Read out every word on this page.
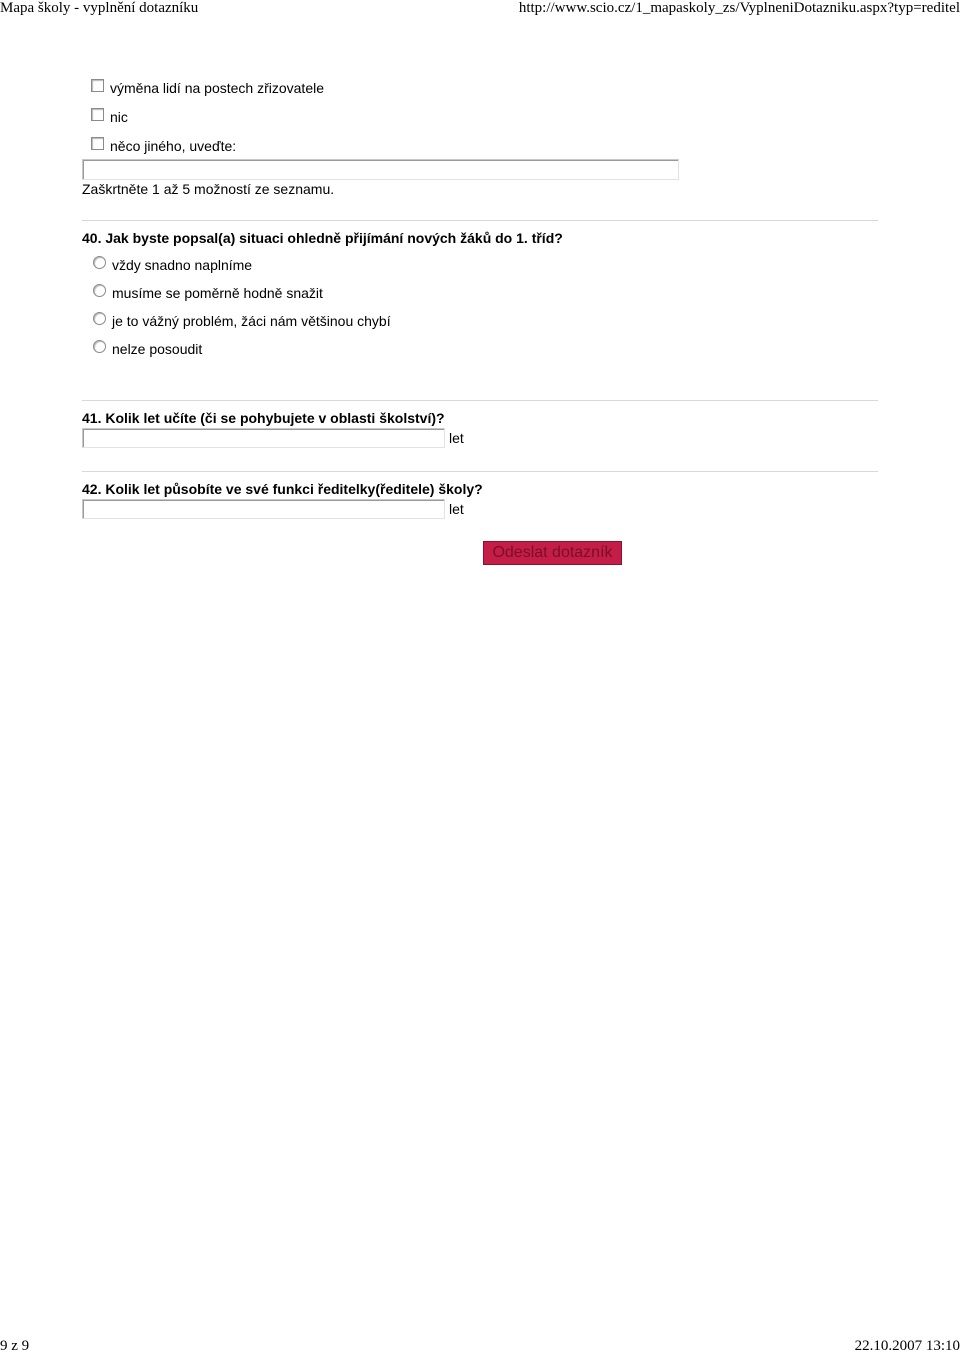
Mapa školy - vyplnění dotazníku	http://www.scio.cz/1_mapaskoly_zs/VyplneniDotazniku.aspx?typ=reditel
výměna lidí na postech zřizovatele
nic
něco jiného, uveďte:
Zaškrtněte 1 až 5 možností ze seznamu.
40. Jak byste popsal(a) situaci ohledně přijímání nových žáků do 1. tříd?
vždy snadno naplníme
musíme se poměrně hodně snažit
je to vážný problém, žáci nám většinou chybí
nelze posoudit
41. Kolik let učíte (či se pohybujete v oblasti školství)?
let
42. Kolik let působíte ve své funkci ředitelky(ředitele) školy?
let
Odeslat dotazník
9 z 9	22.10.2007 13:10
